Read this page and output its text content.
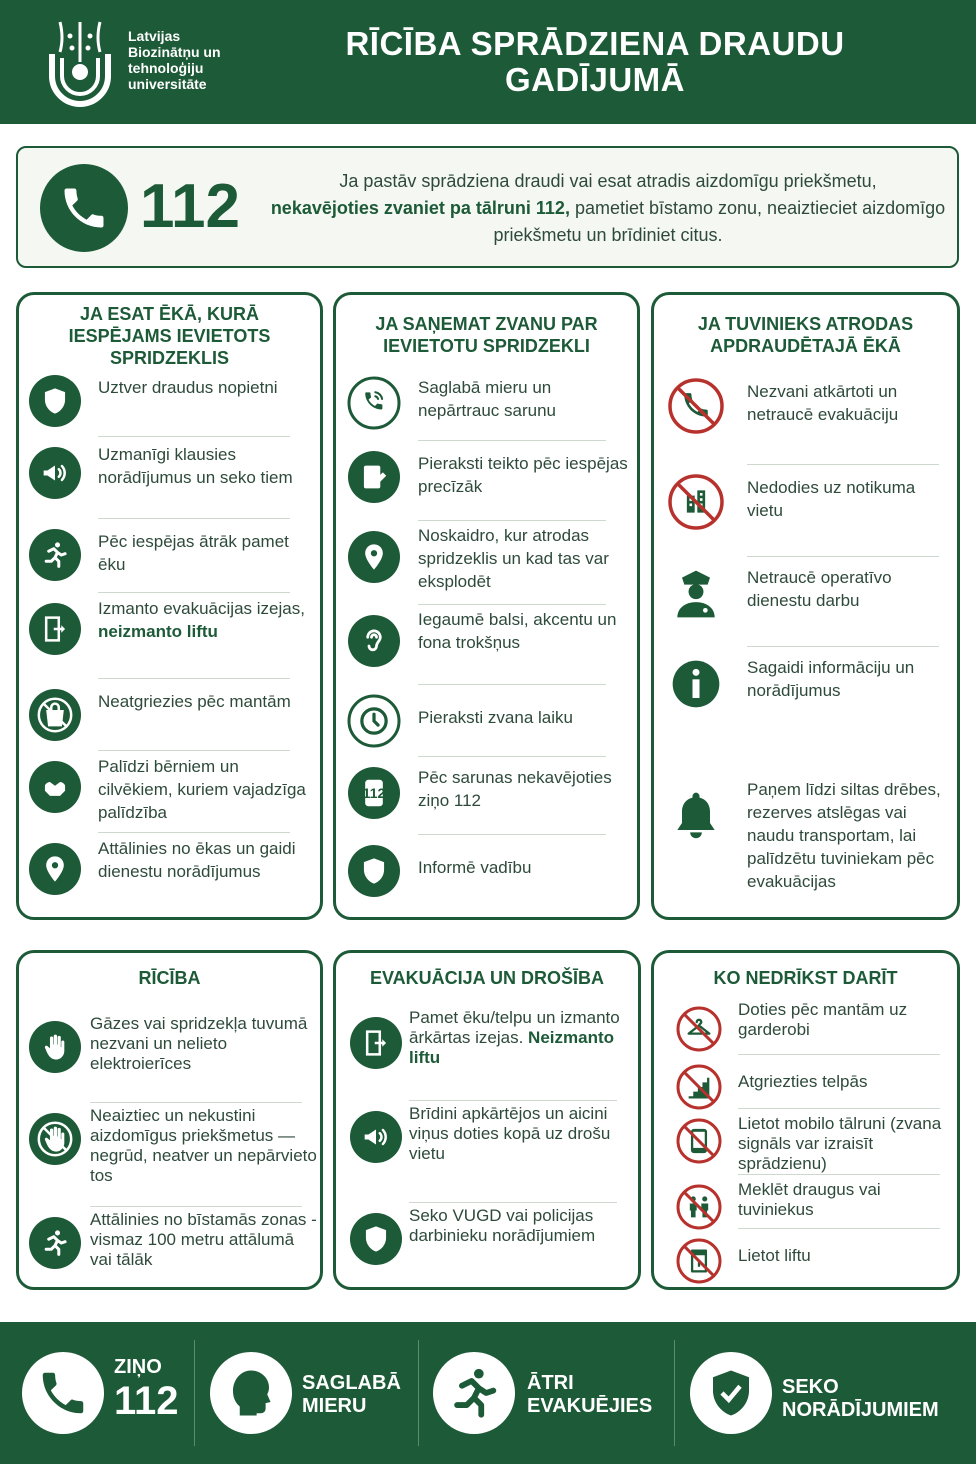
Latvijas
Biozinātņu un
tehnoloģiju
universitāte
RĪCĪBA SPRĀDZIENA DRAUDU
GADĪJUMĀ
112	Ja pastāv sprādziena draudi vai esat atradis aizdomīgu priekšmetu,
nekavējoties zvaniet pa tālruni 112, pametiet bīstamo zonu, neaiztieciet aizdomīgo priekšmetu un brīdiniet citus.
JA ESAT ĒKĀ, KURĀ IESPĒJAMS IEVIETOTS SPRIDZEKLIS
JA SAŅEMAT ZVANU PAR IEVIETOTU SPRIDZEKLI
JA TUVINIEKS ATRODAS APDRAUDĒTAJĀ ĒKĀ
RĪCĪBA	EVAKUĀCIJA UN DROŠĪBA	KO NEDRĪKST DARĪT
Uztver draudus nopietni
Uzmanīgi klausies norādījumus un seko tiem
Pēc iespējas ātrāk pamet ēku
Izmanto evakuācijas izejas, neizmanto liftu
Neatgriezies pēc mantām
Palīdzi bērniem un cilvēkiem, kuriem vajadzīga palīdzība
Attālinies no ēkas un gaidi dienestu norādījumus
Saglabā mieru un nepārtrauc sarunu
Pieraksti teikto pēc iespējas precīzāk
Noskaidro, kur atrodas spridzeklis un kad tas var eksplodēt
Iegaumē balsi, akcentu un fona trokšņus
Pieraksti zvana laiku
112
Pēc sarunas nekavējoties ziņo 112
Informē vadību
Nezvani atkārtoti un netraucē evakuāciju
Nedodies uz notikuma vietu
Netraucē operatīvo dienestu darbu
Sagaidi informāciju un norādījumus
Paņem līdzi siltas drēbes, rezerves atslēgas vai naudu transportam, lai palīdzētu tuviniekam pēc evakuācijas
Gāzes vai spridzekļa tuvumā nezvani un nelieto elektroierīces
Neaiztiec un nekustini aizdomīgus priekšmetus — negrūd, neatver un nepārvieto tos
Attālinies no bīstamās zonas - vismaz 100 metru attālumā vai tālāk
Pamet ēku/telpu un izmanto ārkārtas izejas. Neizmanto liftu
Brīdini apkārtējos un aicini viņus doties kopā uz drošu vietu
Seko VUGD vai policijas darbinieku norādījumiem
Doties pēc mantām uz garderobi
Atgriezties telpās
Lietot mobilo tālruni (zvana signāls var izraisīt sprādzienu)
Meklēt draugus vai tuviniekus
Lietot liftu
ZIŅO
112	SAGLABĀ
MIERU
ĀTRI
EVAKUĒJIES
SEKO
NORĀDĪJUMIEM
